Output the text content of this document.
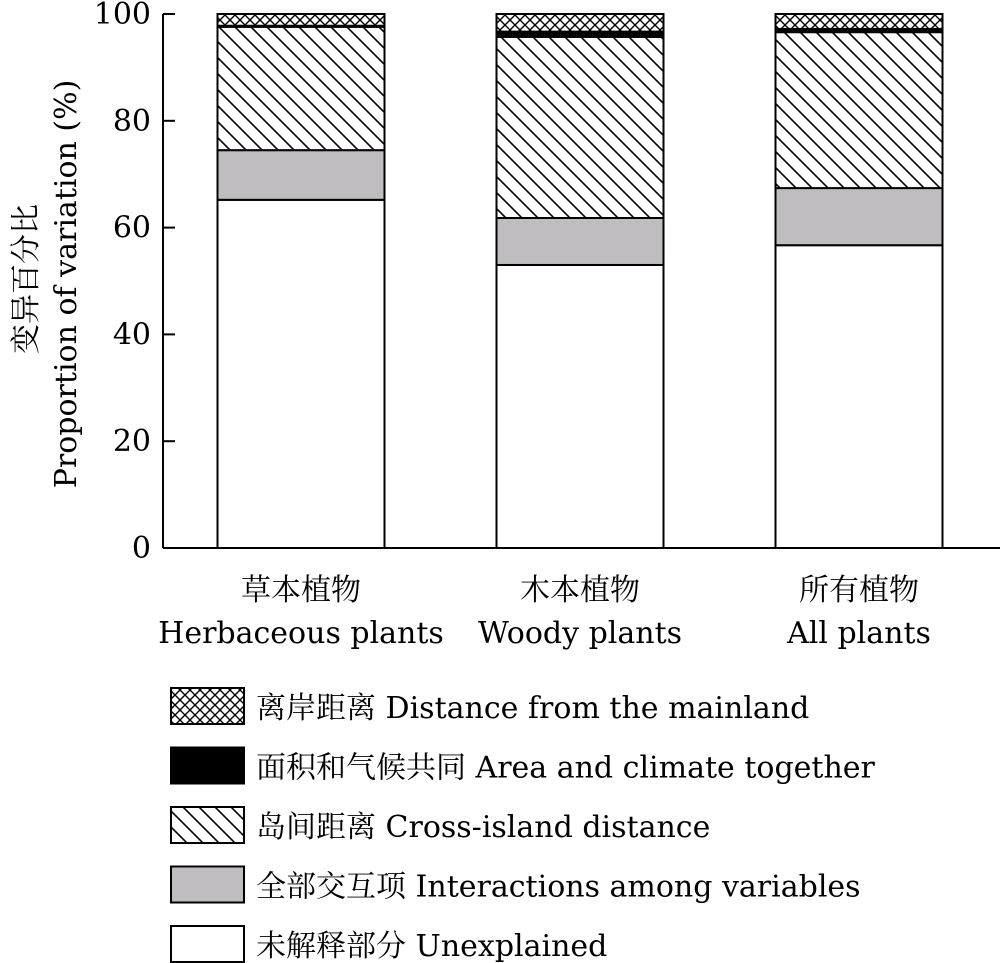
0
20
40
60
80
100
草本植物
Herbaceous plants
木本植物
Woody plants
所有植物
All plants
变异百分比 Proportion of variation (%)
离岸距离 Distance from the mainland
面积和气候共同 Area and climate together
岛间距离 Cross-island distance
全部交互项 Interactions among variables
未解释部分 Unexplained
